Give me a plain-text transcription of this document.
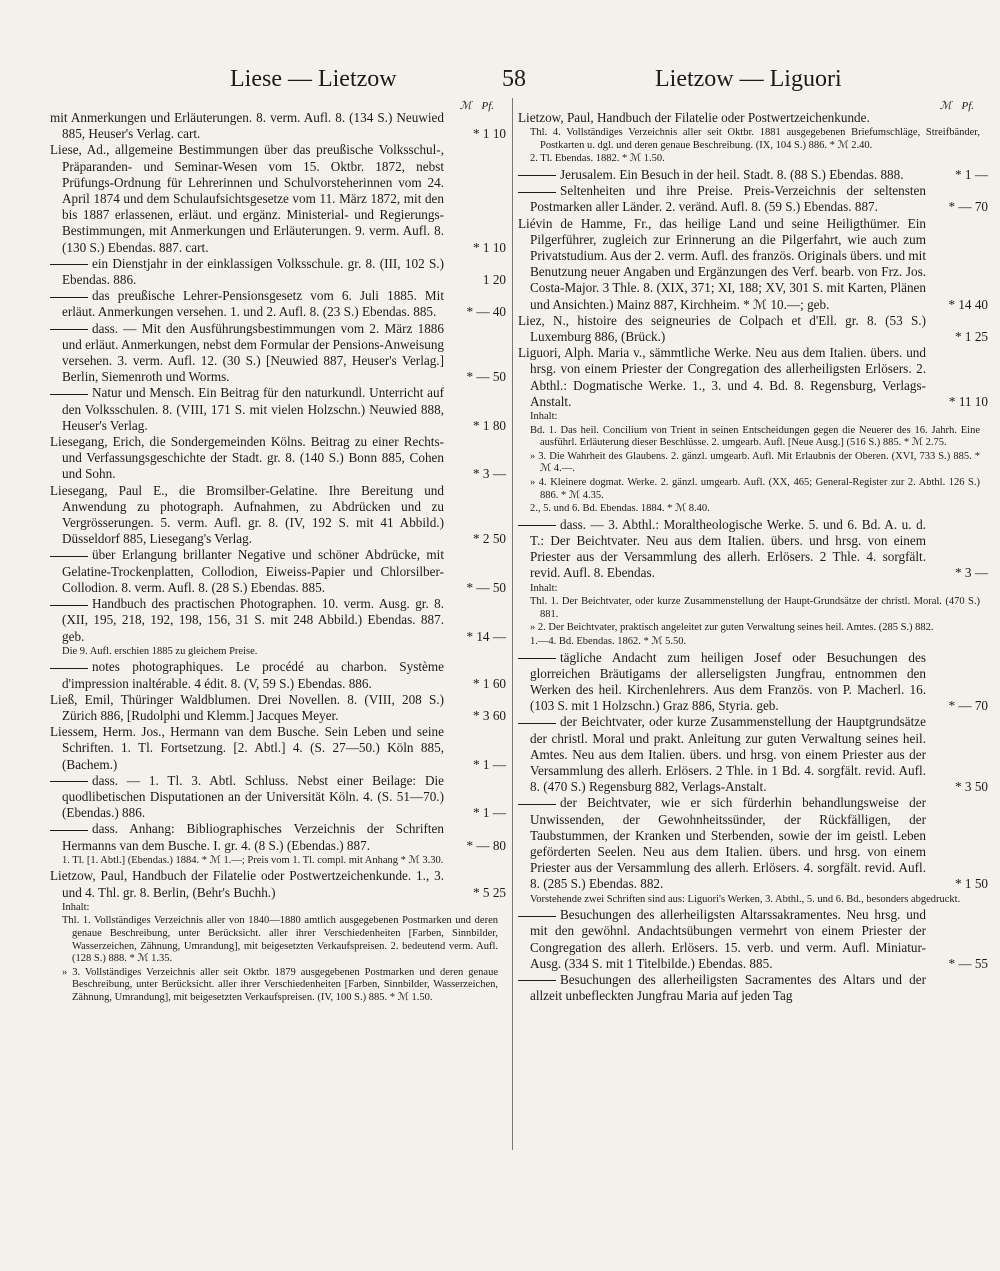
Liese — Lietzow	58	Lietzow — Liguori
ℳ Pf.
mit Anmerkungen und Erläuterungen. 8. verm. Aufl. 8. (134 S.) Neuwied 885, Heuser's Verlag. cart.	* 1 10
Liese, Ad., allgemeine Bestimmungen über das preußische Volksschul-, Präparanden- und Seminar-Wesen vom 15. Oktbr. 1872, nebst Prüfungs-Ordnung für Lehrerinnen und Schulvorsteherinnen vom 24. April 1874 und dem Schulaufsichtsgesetze vom 11. März 1872, mit den bis 1887 erlassenen, erläut. und ergänz. Ministerial- und Regierungs-Bestimmungen, mit Anmerkungen und Erläuterungen. 9. verm. Aufl. 8. (130 S.) Ebendas. 887. cart.	* 1 10
ein Dienstjahr in der einklassigen Volksschule. gr. 8. (III, 102 S.) Ebendas. 886.	1 20
das preußische Lehrer-Pensionsgesetz vom 6. Juli 1885. Mit erläut. Anmerkungen versehen. 1. und 2. Aufl. 8. (23 S.) Ebendas. 885.	* — 40
dass. — Mit den Ausführungsbestimmungen vom 2. März 1886 und erläut. Anmerkungen, nebst dem Formular der Pensions-Anweisung versehen. 3. verm. Aufl. 12. (30 S.) [Neuwied 887, Heuser's Verlag.] Berlin, Siemenroth und Worms.	* — 50
Natur und Mensch. Ein Beitrag für den naturkundl. Unterricht auf den Volksschulen. 8. (VIII, 171 S. mit vielen Holzschn.) Neuwied 888, Heuser's Verlag.	* 1 80
Liesegang, Erich, die Sondergemeinden Kölns. Beitrag zu einer Rechts- und Verfassungsgeschichte der Stadt. gr. 8. (140 S.) Bonn 885, Cohen und Sohn.	* 3 —
Liesegang, Paul E., die Bromsilber-Gelatine. Ihre Bereitung und Anwendung zu photograph. Aufnahmen, zu Abdrücken und zu Vergrösserungen. 5. verm. Aufl. gr. 8. (IV, 192 S. mit 41 Abbild.) Düsseldorf 885, Liesegang's Verlag.	* 2 50
über Erlangung brillanter Negative und schöner Abdrücke, mit Gelatine-Trockenplatten, Collodion, Eiweiss-Papier und Chlorsilber-Collodion. 8. verm. Aufl. 8. (28 S.) Ebendas. 885.	* — 50
Handbuch des practischen Photographen. 10. verm. Ausg. gr. 8. (XII, 195, 218, 192, 198, 156, 31 S. mit 248 Abbild.) Ebendas. 887. geb.	* 14 —
Die 9. Aufl. erschien 1885 zu gleichem Preise.
notes photographiques. Le procédé au charbon. Système d'impression inaltérable. 4 édit. 8. (V, 59 S.) Ebendas. 886.	* 1 60
Ließ, Emil, Thüringer Waldblumen. Drei Novellen. 8. (VIII, 208 S.) Zürich 886, [Rudolphi und Klemm.] Jacques Meyer.	* 3 60
Liessem, Herm. Jos., Hermann van dem Busche. Sein Leben und seine Schriften. 1. Tl. Fortsetzung. [2. Abtl.] 4. (S. 27—50.) Köln 885, (Bachem.)	* 1 —
dass. — 1. Tl. 3. Abtl. Schluss. Nebst einer Beilage: Die quodlibetischen Disputationen an der Universität Köln. 4. (S. 51—70.) (Ebendas.) 886.	* 1 —
dass. Anhang: Bibliographisches Verzeichnis der Schriften Hermanns van dem Busche. I. gr. 4. (8 S.) (Ebendas.) 887.	* — 80
1. Tl. [1. Abtl.] (Ebendas.) 1884. * ℳ 1.—; Preis vom 1. Tl. compl. mit Anhang * ℳ 3.30.
Lietzow, Paul, Handbuch der Filatelie oder Postwertzeichenkunde. 1., 3. und 4. Thl. gr. 8. Berlin, (Behr's Buchh.)	* 5 25
Inhalt:
Thl. 1. Vollständiges Verzeichnis aller von 1840—1880 amtlich ausgegebenen Postmarken und deren genaue Beschreibung, unter Berücksicht. aller ihrer Verschiedenheiten [Farben, Sinnbilder, Wasserzeichen, Zähnung, Umrandung], mit beigesetzten Verkaufspreisen. 2. bedeutend verm. Aufl. (128 S.) 888. * ℳ 1.35.
» 3. Vollständiges Verzeichnis aller seit Oktbr. 1879 ausgegebenen Postmarken und deren genaue Beschreibung, unter Berücksicht. aller ihrer Verschiedenheiten [Farben, Sinnbilder, Wasserzeichen, Zähnung, Umrandung], mit beigesetzten Verkaufspreisen. (IV, 100 S.) 885. * ℳ 1.50.
ℳ Pf.
Lietzow, Paul, Handbuch der Filatelie oder Postwertzeichenkunde.
Thl. 4. Vollständiges Verzeichnis aller seit Oktbr. 1881 ausgegebenen Briefumschläge, Streifbänder, Postkarten u. dgl. und deren genaue Beschreibung. (IX, 104 S.) 886. * ℳ 2.40.
2. Tl. Ebendas. 1882. * ℳ 1.50.
Jerusalem. Ein Besuch in der heil. Stadt. 8. (88 S.) Ebendas. 888.	* 1 —
Seltenheiten und ihre Preise. Preis-Verzeichnis der seltensten Postmarken aller Länder. 2. veränd. Aufl. 8. (59 S.) Ebendas. 887.	* — 70
Liévin de Hamme, Fr., das heilige Land und seine Heiligthümer. Ein Pilgerführer, zugleich zur Erinnerung an die Pilgerfahrt, wie auch zum Privatstudium. Aus der 2. verm. Aufl. des französ. Originals übers. und mit Benutzung neuer Angaben und Ergänzungen des Verf. bearb. von Frz. Jos. Costa-Major. 3 Thle. 8. (XIX, 371; XI, 188; XV, 301 S. mit Karten, Plänen und Ansichten.) Mainz 887, Kirchheim. * ℳ 10.—; geb.	* 14 40
Liez, N., histoire des seigneuries de Colpach et d'Ell. gr. 8. (53 S.) Luxemburg 886, (Brück.)	* 1 25
Liguori, Alph. Maria v., sämmtliche Werke. Neu aus dem Italien. übers. und hrsg. von einem Priester der Congregation des allerheiligsten Erlösers. 2. Abthl.: Dogmatische Werke. 1., 3. und 4. Bd. 8. Regensburg, Verlags-Anstalt.	* 11 10
Inhalt:
Bd. 1. Das heil. Concilium von Trient in seinen Entscheidungen gegen die Neuerer des 16. Jahrh. Eine ausführl. Erläuterung dieser Beschlüsse. 2. umgearb. Aufl. [Neue Ausg.] (516 S.) 885. * ℳ 2.75.
» 3. Die Wahrheit des Glaubens. 2. gänzl. umgearb. Aufl. Mit Erlaubnis der Oberen. (XVI, 733 S.) 885. * ℳ 4.—.
» 4. Kleinere dogmat. Werke. 2. gänzl. umgearb. Aufl. (XX, 465; General-Register zur 2. Abthl. 126 S.) 886. * ℳ 4.35.
2., 5. und 6. Bd. Ebendas. 1884. * ℳ 8.40.
dass. — 3. Abthl.: Moraltheologische Werke. 5. und 6. Bd. A. u. d. T.: Der Beichtvater. Neu aus dem Italien. übers. und hrsg. von einem Priester aus der Versammlung des allerh. Erlösers. 2 Thle. 4. sorgfält. revid. Aufl. 8. Ebendas.	* 3 —
Inhalt:
Thl. 1. Der Beichtvater, oder kurze Zusammenstellung der Haupt-Grundsätze der christl. Moral. (470 S.) 881.
» 2. Der Beichtvater, praktisch angeleitet zur guten Verwaltung seines heil. Amtes. (285 S.) 882.
1.—4. Bd. Ebendas. 1862. * ℳ 5.50.
tägliche Andacht zum heiligen Josef oder Besuchungen des glorreichen Bräutigams der allerseligsten Jungfrau, entnommen den Werken des heil. Kirchenlehrers. Aus dem Französ. von P. Macherl. 16. (103 S. mit 1 Holzschn.) Graz 886, Styria. geb.	* — 70
der Beichtvater, oder kurze Zusammenstellung der Hauptgrundsätze der christl. Moral und prakt. Anleitung zur guten Verwaltung seines heil. Amtes. Neu aus dem Italien. übers. und hrsg. von einem Priester aus der Versammlung des allerh. Erlösers. 2 Thle. in 1 Bd. 4. sorgfält. revid. Aufl. 8. (470 S.) Regensburg 882, Verlags-Anstalt.	* 3 50
der Beichtvater, wie er sich fürderhin behandlungsweise der Unwissenden, der Gewohnheitssünder, der Rückfälligen, der Taubstummen, der Kranken und Sterbenden, sowie der im geistl. Leben geförderten Seelen. Neu aus dem Italien. übers. und hrsg. von einem Priester aus der Versammlung des allerh. Erlösers. 4. sorgfält. revid. Aufl. 8. (285 S.) Ebendas. 882.	* 1 50
Vorstehende zwei Schriften sind aus: Liguori's Werken, 3. Abthl., 5. und 6. Bd., besonders abgedruckt.
Besuchungen des allerheiligsten Altarssakramentes. Neu hrsg. und mit den gewöhnl. Andachtsübungen vermehrt von einem Priester der Congregation des allerh. Erlösers. 15. verb. und verm. Aufl. Miniatur-Ausg. (334 S. mit 1 Titelbilde.) Ebendas. 885.	* — 55
Besuchungen des allerheiligsten Sacramentes des Altars und der allzeit unbefleckten Jungfrau Maria auf jeden Tag
